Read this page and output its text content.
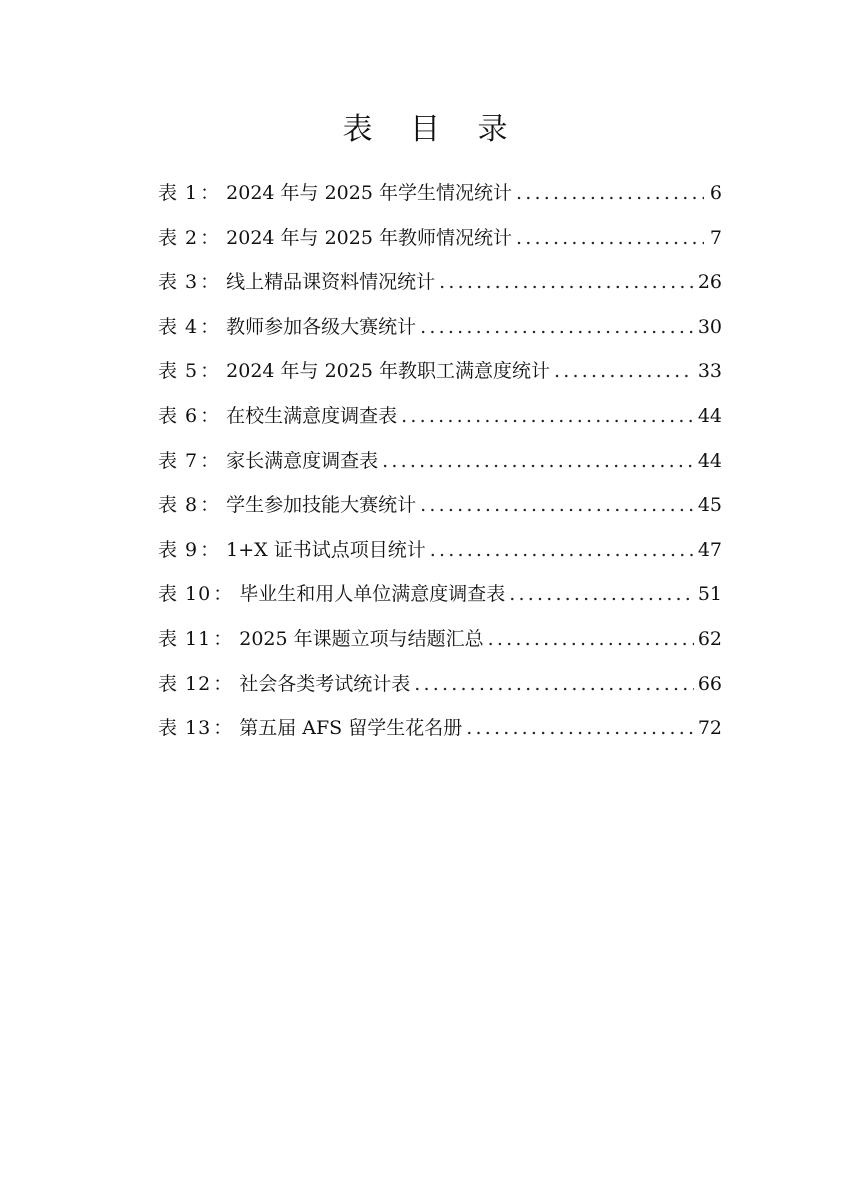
表 目 录
表 1 ： 2024 年与 2025 年学生情况统计 .....	6
表 2 ： 2024 年与 2025 年教师情况统计 .....	7
表 3 ： 线上精品课资料情况统计 .....	26
表 4 ： 教师参加各级大赛统计 .....	30
表 5 ： 2024 年与 2025 年教职工满意度统计 .....	33
表 6 ： 在校生满意度调查表 .....	44
表 7 ： 家长满意度调查表 .....	44
表 8 ： 学生参加技能大赛统计 .....	45
表 9 ： 1+X 证书试点项目统计 .....	47
表 10 ： 毕业生和用人单位满意度调查表 .....	51
表 11 ： 2025 年课题立项与结题汇总 .....	62
表 12 ： 社会各类考试统计表 .....	66
表 13 ： 第五届 AFS 留学生花名册 .....	72
